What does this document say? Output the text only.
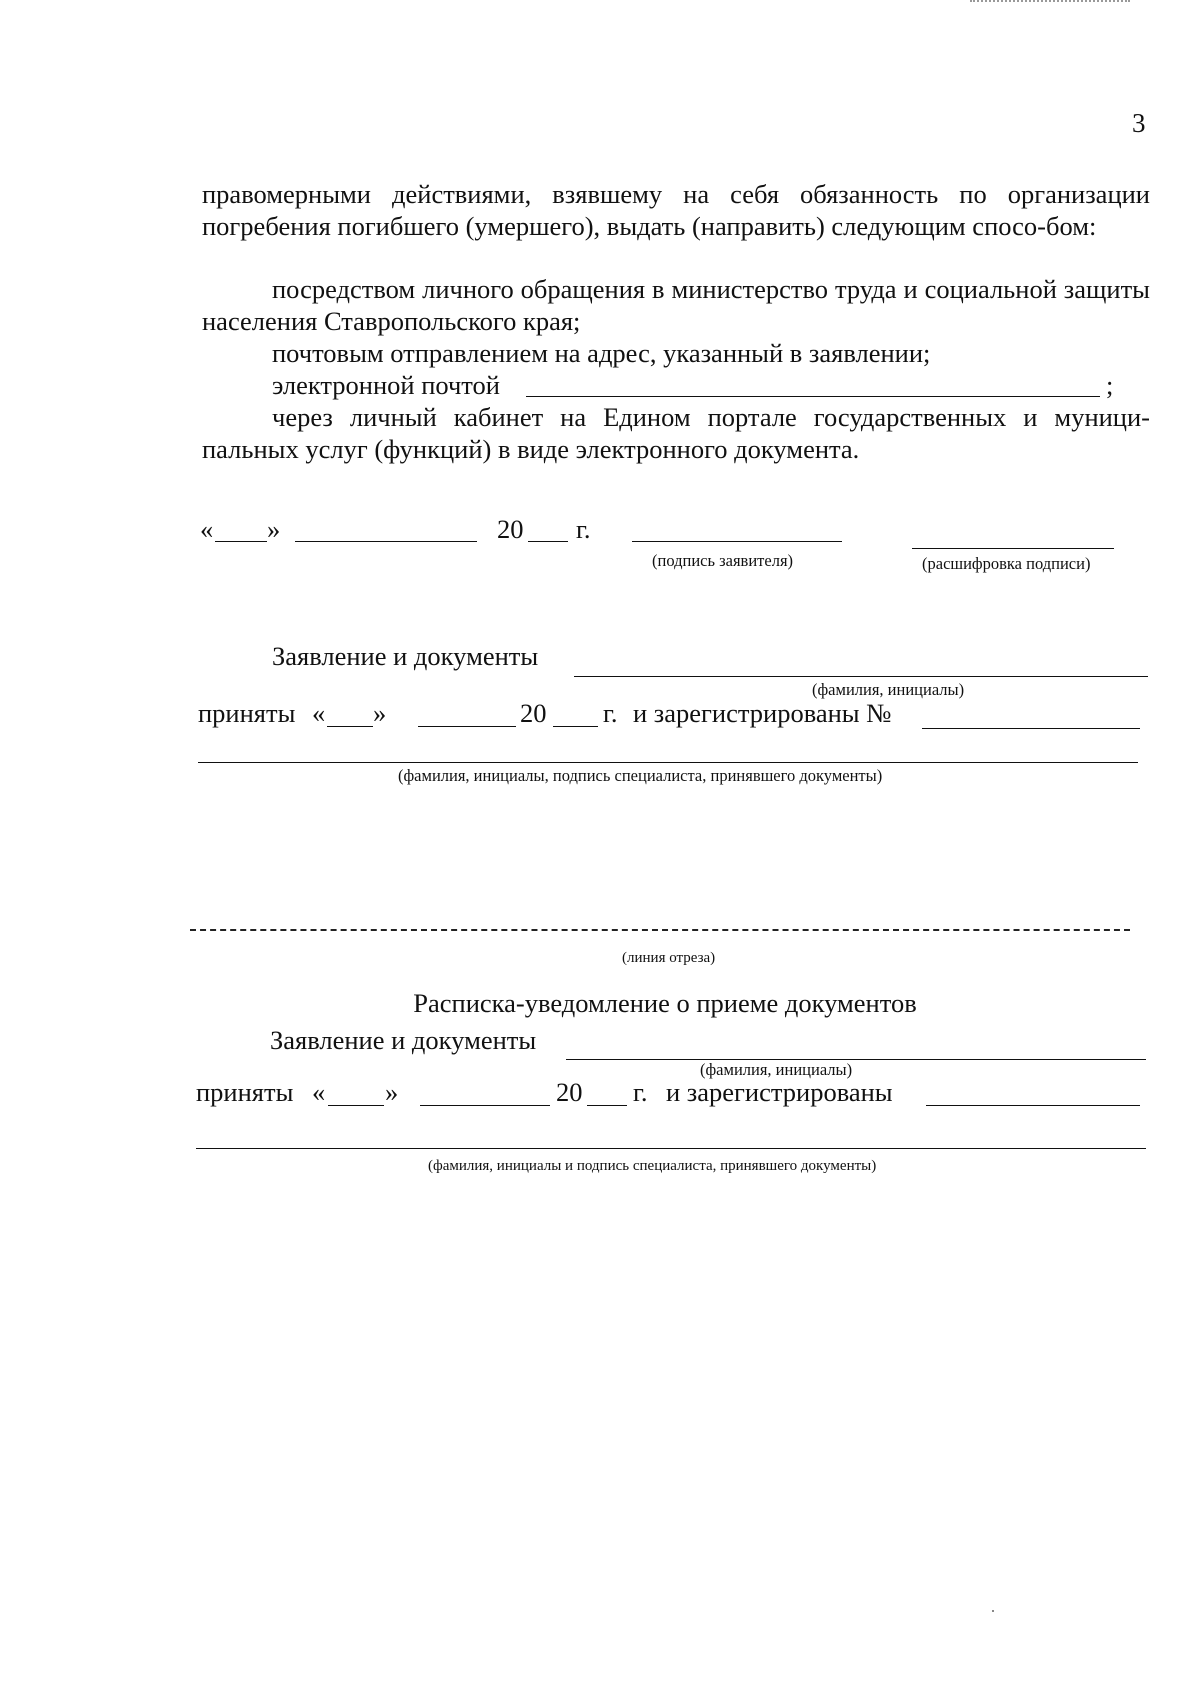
3

правомерными действиями, взявшему на себя обязанность по организации погребения погибшего (умершего), выдать (направить) следующим спосо-бом:

посредством личного обращения в министерство труда и социальной защиты населения Ставропольского края;

почтовым отправлением на адрес, указанный в заявлении;
электронной почтой	;

через личный кабинет на Едином портале государственных и муници-пальных услуг (функций) в виде электронного документа.

« »	20 г.
(подпись заявителя)	(расшифровка подписи)
Заявление и документы
(фамилия, инициалы)
приняты « »	20 г. и зарегистрированы №
(фамилия, инициалы, подпись специалиста, принявшего документы)
(линия отреза)
Расписка-уведомление о приеме документов
Заявление и документы
(фамилия, инициалы)
приняты « »	20 г. и зарегистрированы
(фамилия, инициалы и подпись специалиста, принявшего документы)
